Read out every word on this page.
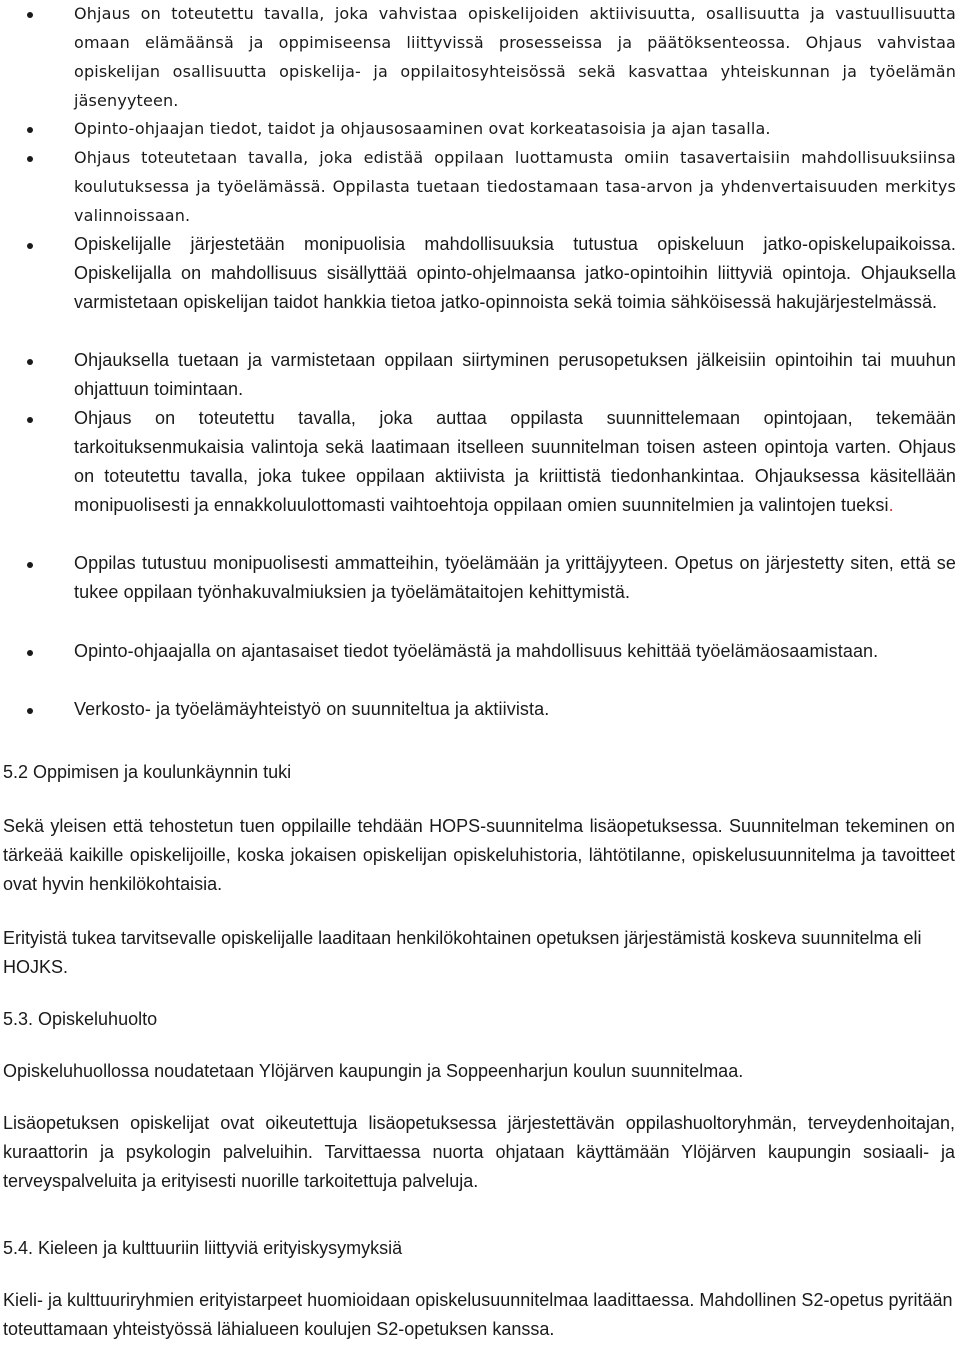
Ohjaus on toteutettu tavalla, joka vahvistaa opiskelijoiden aktiivisuutta, osallisuutta ja vastuullisuutta omaan elämäänsä ja oppimiseensa liittyvissä prosesseissa ja päätöksenteossa. Ohjaus vahvistaa opiskelijan osallisuutta opiskelija- ja oppilaitosyhteisössä sekä kasvattaa yhteiskunnan ja työelämän jäsenyyteen.

Opinto-ohjaajan tiedot, taidot ja ohjausosaaminen ovat korkeatasoisia ja ajan tasalla.

Ohjaus toteutetaan tavalla, joka edistää oppilaan luottamusta omiin tasavertaisiin mahdollisuuksiinsa koulutuksessa ja työelämässä. Oppilasta tuetaan tiedostamaan tasa-arvon ja yhdenvertaisuuden merkitys valinnoissaan.

Opiskelijalle järjestetään monipuolisia mahdollisuuksia tutustua opiskeluun jatko-opiskelupaikoissa. Opiskelijalla on mahdollisuus sisällyttää opinto-ohjelmaansa jatko-opintoihin liittyviä opintoja. Ohjauksella varmistetaan opiskelijan taidot hankkia tietoa jatko-opinnoista sekä toimia sähköisessä hakujärjestelmässä.

Ohjauksella tuetaan ja varmistetaan oppilaan siirtyminen perusopetuksen jälkeisiin opintoihin tai muuhun ohjattuun toimintaan.

Ohjaus on toteutettu tavalla, joka auttaa oppilasta suunnittelemaan opintojaan, tekemään tarkoituksenmukaisia valintoja sekä laatimaan itselleen suunnitelman toisen asteen opintoja varten. Ohjaus on toteutettu tavalla, joka tukee oppilaan aktiivista ja kriittistä tiedonhankintaa. Ohjauksessa käsitellään monipuolisesti ja ennakkoluulottomasti vaihtoehtoja oppilaan omien suunnitelmien ja valintojen tueksi.

Oppilas tutustuu monipuolisesti ammatteihin, työelämään ja yrittäjyyteen. Opetus on järjestetty siten, että se tukee oppilaan työnhakuvalmiuksien ja työelämätaitojen kehittymistä.

Opinto-ohjaajalla on ajantasaiset tiedot työelämästä ja mahdollisuus kehittää työelämäosaamistaan.

Verkosto- ja työelämäyhteistyö on suunniteltua ja aktiivista.

5.2 Oppimisen ja koulunkäynnin tuki

Sekä yleisen että tehostetun tuen oppilaille tehdään HOPS-suunnitelma lisäopetuksessa. Suunnitelman tekeminen on tärkeää kaikille opiskelijoille, koska jokaisen opiskelijan opiskeluhistoria, lähtötilanne, opiskelusuunnitelma ja tavoitteet ovat hyvin henkilökohtaisia.

Erityistä tukea tarvitsevalle opiskelijalle laaditaan henkilökohtainen opetuksen järjestämistä koskeva suunnitelma eli HOJKS.

5.3. Opiskeluhuolto

Opiskeluhuollossa noudatetaan Ylöjärven kaupungin ja Soppeenharjun koulun suunnitelmaa.

Lisäopetuksen opiskelijat ovat oikeutettuja lisäopetuksessa järjestettävän oppilashuoltoryhmän, terveydenhoitajan, kuraattorin ja psykologin palveluihin. Tarvittaessa nuorta ohjataan käyttämään Ylöjärven kaupungin sosiaali- ja terveyspalveluita ja erityisesti nuorille tarkoitettuja palveluja.

5.4. Kieleen ja kulttuuriin liittyviä erityiskysymyksiä

Kieli- ja kulttuuriryhmien erityistarpeet huomioidaan opiskelusuunnitelmaa laadittaessa. Mahdollinen S2-opetus pyritään toteuttamaan yhteistyössä lähialueen koulujen S2-opetuksen kanssa.
